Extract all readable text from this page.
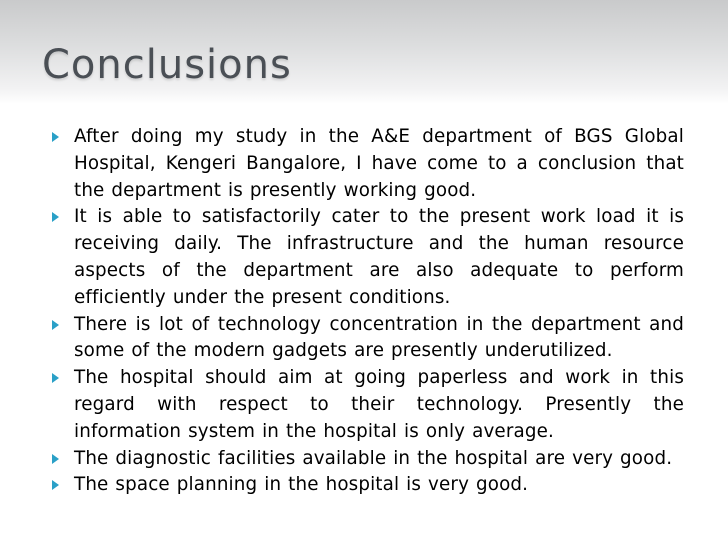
Conclusions
After doing my study in the A&E department of BGS Global Hospital, Kengeri Bangalore, I have come to a conclusion that the department is presently working good.
It is able to satisfactorily cater to the present work load it is receiving daily. The infrastructure and the human resource aspects of the department are also adequate to perform efficiently under the present conditions.
There is lot of technology concentration in the department and some of the modern gadgets are presently underutilized.
The hospital should aim at going paperless and work in this regard with respect to their technology. Presently the information system in the hospital is only average.
The diagnostic facilities available in the hospital are very good.
The space planning in the hospital is very good.
